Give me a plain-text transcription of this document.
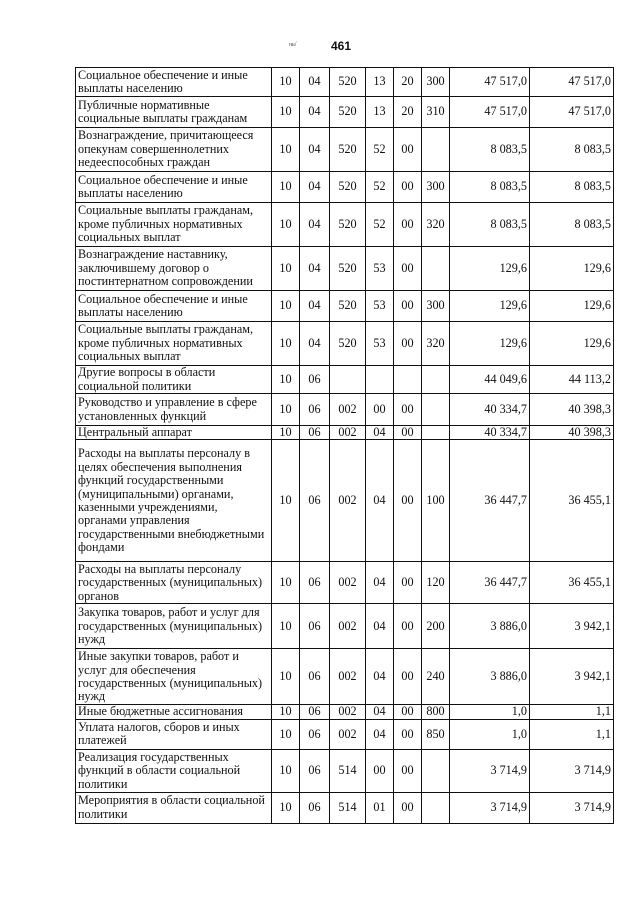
ны´	461
Социальное обеспечение и иные выплаты населению	10	04	520	13	20	300	47 517,0	47 517,0
Публичные нормативные социальные выплаты гражданам	10	04	520	13	20	310	47 517,0	47 517,0
Вознаграждение, причитающееся опекунам совершеннолетних недееспособных граждан	10	04	520	52	00		8 083,5	8 083,5
Социальное обеспечение и иные выплаты населению	10	04	520	52	00	300	8 083,5	8 083,5
Социальные выплаты гражданам, кроме публичных нормативных социальных выплат	10	04	520	52	00	320	8 083,5	8 083,5
Вознаграждение наставнику, заключившему договор о постинтернатном сопровождении	10	04	520	53	00		129,6	129,6
Социальное обеспечение и иные выплаты населению	10	04	520	53	00	300	129,6	129,6
Социальные выплаты гражданам, кроме публичных нормативных социальных выплат	10	04	520	53	00	320	129,6	129,6
Другие вопросы в области социальной политики	10	06					44 049,6	44 113,2
Руководство и управление в сфере установленных функций	10	06	002	00	00		40 334,7	40 398,3
Центральный аппарат	10	06	002	04	00		40 334,7	40 398,3
Расходы на выплаты персоналу в целях обеспечения выполнения функций государственными (муниципальными) органами, казенными учреждениями, органами управления государственными внебюджетными фондами	10	06	002	04	00	100	36 447,7	36 455,1
Расходы на выплаты персоналу государственных (муниципальных) органов	10	06	002	04	00	120	36 447,7	36 455,1
Закупка товаров, работ и услуг для государственных (муниципальных) нужд	10	06	002	04	00	200	3 886,0	3 942,1
Иные закупки товаров, работ и услуг для обеспечения государственных (муниципальных) нужд	10	06	002	04	00	240	3 886,0	3 942,1
Иные бюджетные ассигнования	10	06	002	04	00	800	1,0	1,1
Уплата налогов, сборов и иных платежей	10	06	002	04	00	850	1,0	1,1
Реализация государственных функций в области социальной политики	10	06	514	00	00		3 714,9	3 714,9
Мероприятия в области социальной политики	10	06	514	01	00		3 714,9	3 714,9
